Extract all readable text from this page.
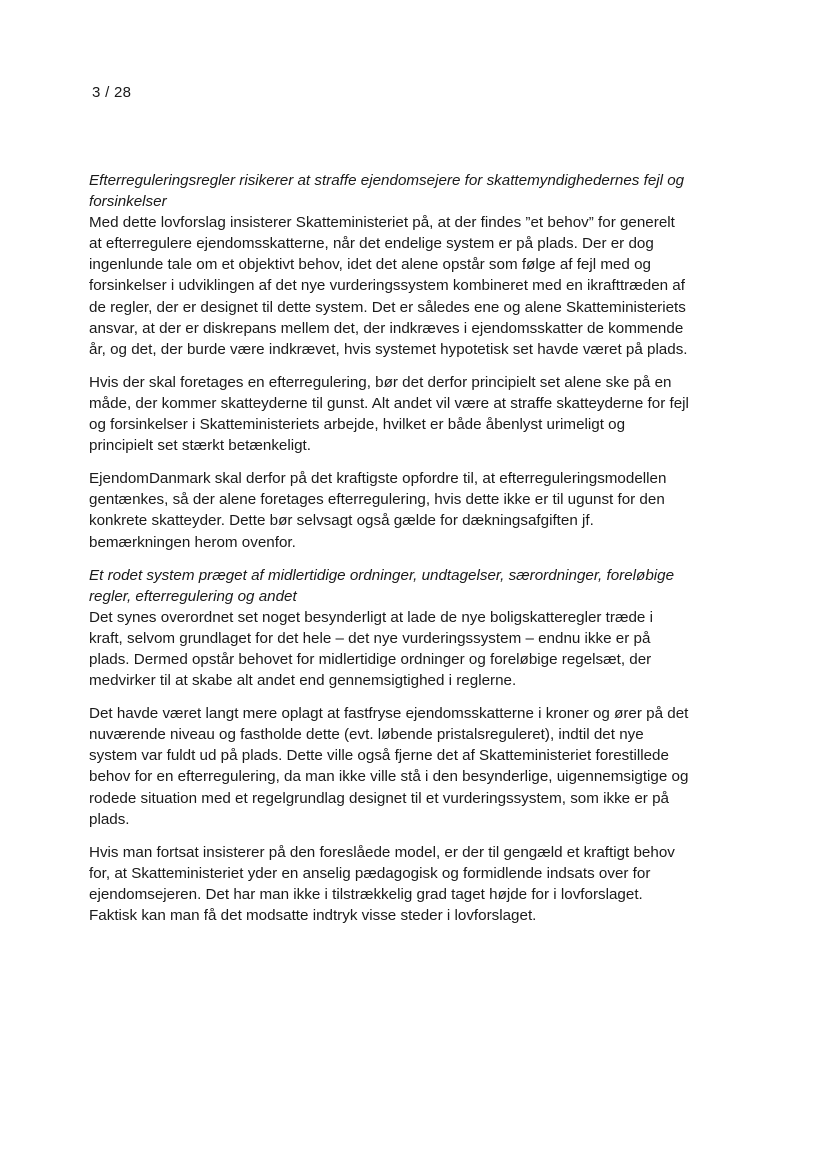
3 / 28

Efterreguleringsregler risikerer at straffe ejendomsejere for skattemyndighedernes fejl og forsinkelser

Med dette lovforslag insisterer Skatteministeriet på, at der findes ”et behov” for generelt at efterregulere ejendomsskatterne, når det endelige system er på plads. Der er dog ingenlunde tale om et objektivt behov, idet det alene opstår som følge af fejl med og forsinkelser i udviklingen af det nye vurderingssystem kombineret med en ikrafttræden af de regler, der er designet til dette system. Det er således ene og alene Skatteministeriets ansvar, at der er diskrepans mellem det, der indkræves i ejendomsskatter de kommende år, og det, der burde være indkrævet, hvis systemet hypotetisk set havde været på plads.

Hvis der skal foretages en efterregulering, bør det derfor principielt set alene ske på en måde, der kommer skatteyderne til gunst. Alt andet vil være at straffe skatteyderne for fejl og forsinkelser i Skatteministeriets arbejde, hvilket er både åbenlyst urimeligt og principielt set stærkt betænkeligt.

EjendomDanmark skal derfor på det kraftigste opfordre til, at efterreguleringsmodellen gentænkes, så der alene foretages efterregulering, hvis dette ikke er til ugunst for den konkrete skatteyder. Dette bør selvsagt også gælde for dækningsafgiften jf. bemærkningen herom ovenfor.

Et rodet system præget af midlertidige ordninger, undtagelser, særordninger, foreløbige regler, efterregulering og andet

Det synes overordnet set noget besynderligt at lade de nye boligskatteregler træde i kraft, selvom grundlaget for det hele – det nye vurderingssystem – endnu ikke er på plads. Dermed opstår behovet for midlertidige ordninger og foreløbige regelsæt, der medvirker til at skabe alt andet end gennemsigtighed i reglerne.

Det havde været langt mere oplagt at fastfryse ejendomsskatterne i kroner og ører på det nuværende niveau og fastholde dette (evt. løbende pristalsreguleret), indtil det nye system var fuldt ud på plads. Dette ville også fjerne det af Skatteministeriet forestillede behov for en efterregulering, da man ikke ville stå i den besynderlige, uigennemsigtige og rodede situation med et regelgrundlag designet til et vurderingssystem, som ikke er på plads.

Hvis man fortsat insisterer på den foreslåede model, er der til gengæld et kraftigt behov for, at Skatteministeriet yder en anselig pædagogisk og formidlende indsats over for ejendomsejeren. Det har man ikke i tilstrækkelig grad taget højde for i lovforslaget. Faktisk kan man få det modsatte indtryk visse steder i lovforslaget.
